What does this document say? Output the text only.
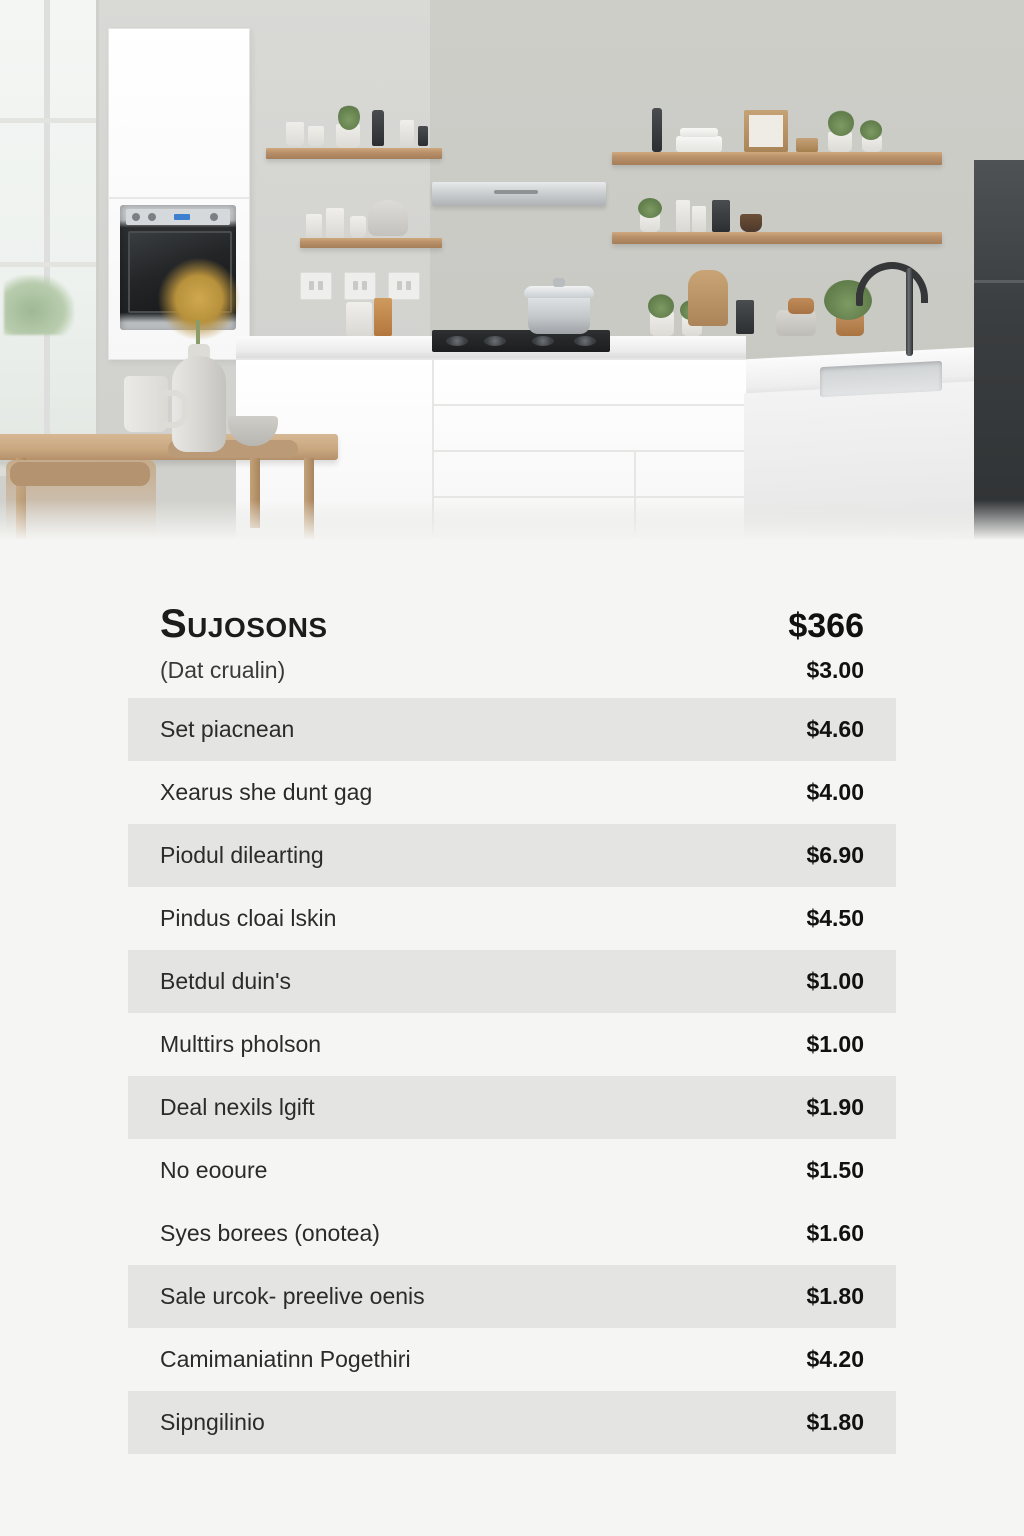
Sujosons	$366
(Dat crualin)	$3.00
Set piacnean	$4.60
Xearus she dunt gag	$4.00
Piodul dilearting	$6.90
Pindus cloai lskin	$4.50
Betdul duin's	$1.00
Multtirs pholson	$1.00
Deal nexils lgift	$1.90
No eooure	$1.50
Syes borees (onotea)	$1.60
Sale urcok- preelive oenis	$1.80
Camimaniatinn Pogethiri	$4.20
Sipngilinio	$1.80
